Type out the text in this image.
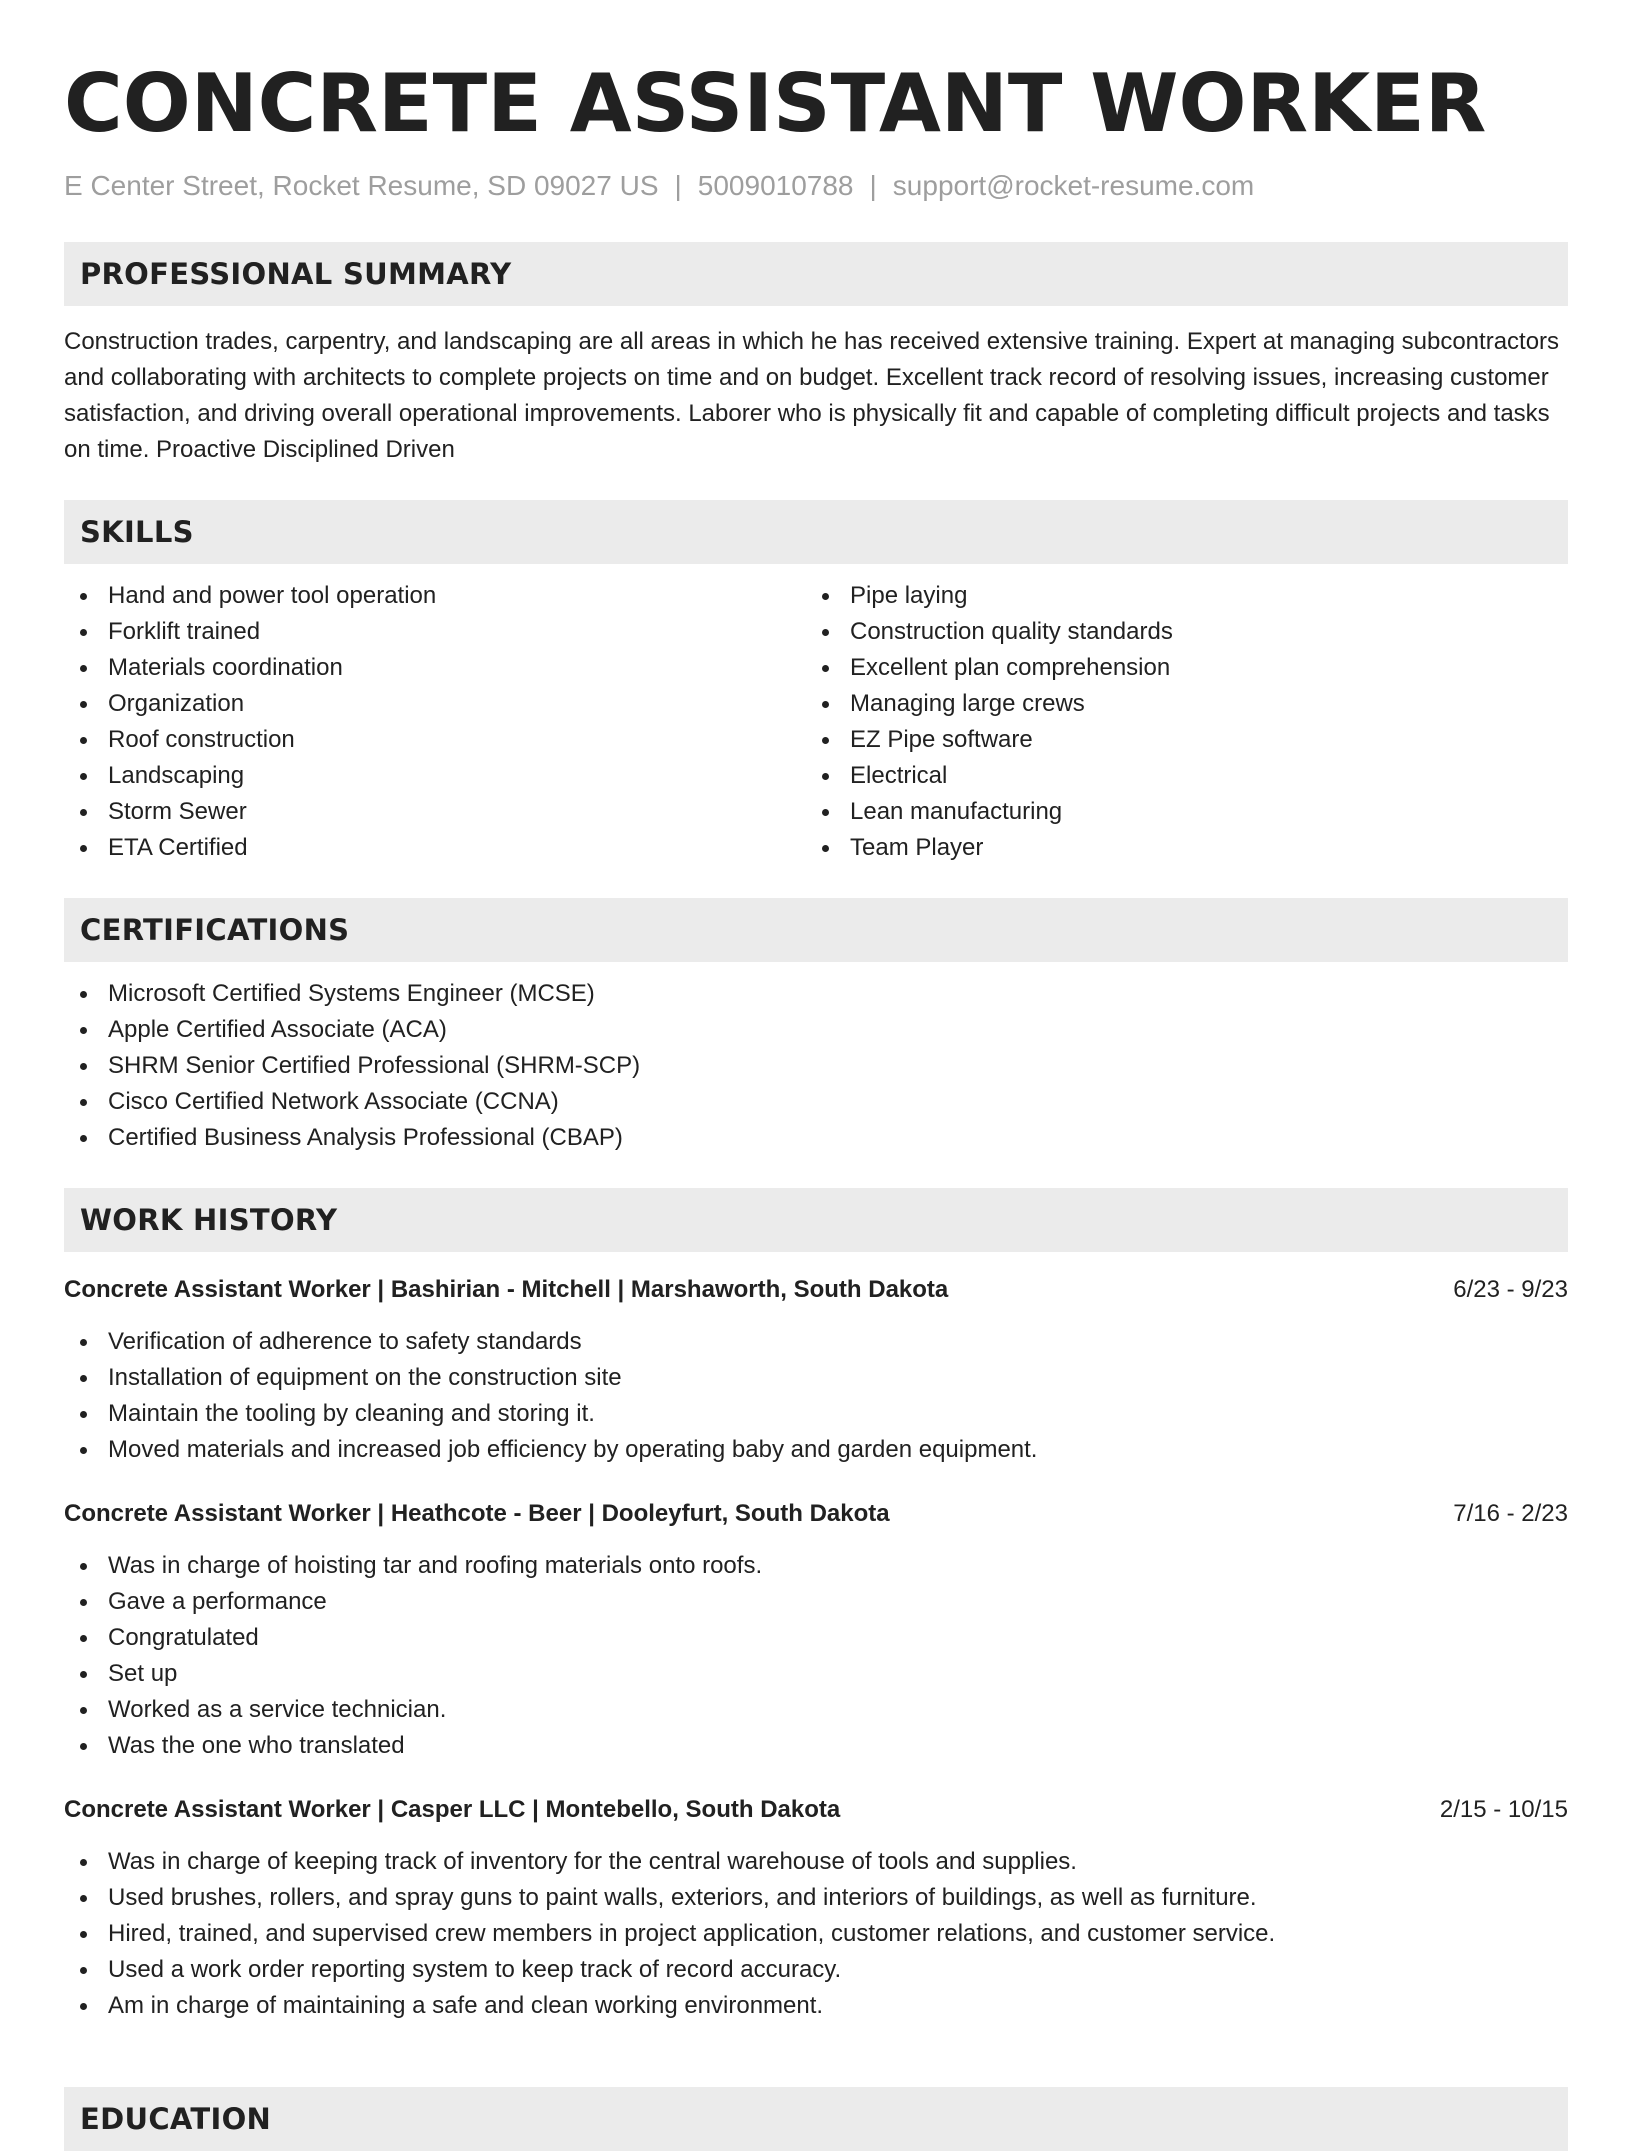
CONCRETE ASSISTANT WORKER
E Center Street, Rocket Resume, SD 09027 US | 5009010788 | support@rocket-resume.com
PROFESSIONAL SUMMARY

Construction trades, carpentry, and landscaping are all areas in which he has received extensive training. Expert at managing subcontractors and collaborating with architects to complete projects on time and on budget. Excellent track record of resolving issues, increasing customer satisfaction, and driving overall operational improvements. Laborer who is physically fit and capable of completing difficult projects and tasks on time. Proactive Disciplined Driven

SKILLS
Hand and power tool operation
Forklift trained
Materials coordination
Organization
Roof construction
Landscaping
Storm Sewer
ETA Certified
Pipe laying
Construction quality standards
Excellent plan comprehension
Managing large crews
EZ Pipe software
Electrical
Lean manufacturing
Team Player
CERTIFICATIONS
Microsoft Certified Systems Engineer (MCSE)
Apple Certified Associate (ACA)
SHRM Senior Certified Professional (SHRM-SCP)
Cisco Certified Network Associate (CCNA)
Certified Business Analysis Professional (CBAP)
WORK HISTORY
Concrete Assistant Worker | Bashirian - Mitchell | Marshaworth, South Dakota	6/23 - 9/23
Verification of adherence to safety standards
Installation of equipment on the construction site
Maintain the tooling by cleaning and storing it.
Moved materials and increased job efficiency by operating baby and garden equipment.
Concrete Assistant Worker | Heathcote - Beer | Dooleyfurt, South Dakota	7/16 - 2/23
Was in charge of hoisting tar and roofing materials onto roofs.
Gave a performance
Congratulated
Set up
Worked as a service technician.
Was the one who translated
Concrete Assistant Worker | Casper LLC | Montebello, South Dakota	2/15 - 10/15
Was in charge of keeping track of inventory for the central warehouse of tools and supplies.
Used brushes, rollers, and spray guns to paint walls, exteriors, and interiors of buildings, as well as furniture.
Hired, trained, and supervised crew members in project application, customer relations, and customer service.
Used a work order reporting system to keep track of record accuracy.
Am in charge of maintaining a safe and clean working environment.
EDUCATION
